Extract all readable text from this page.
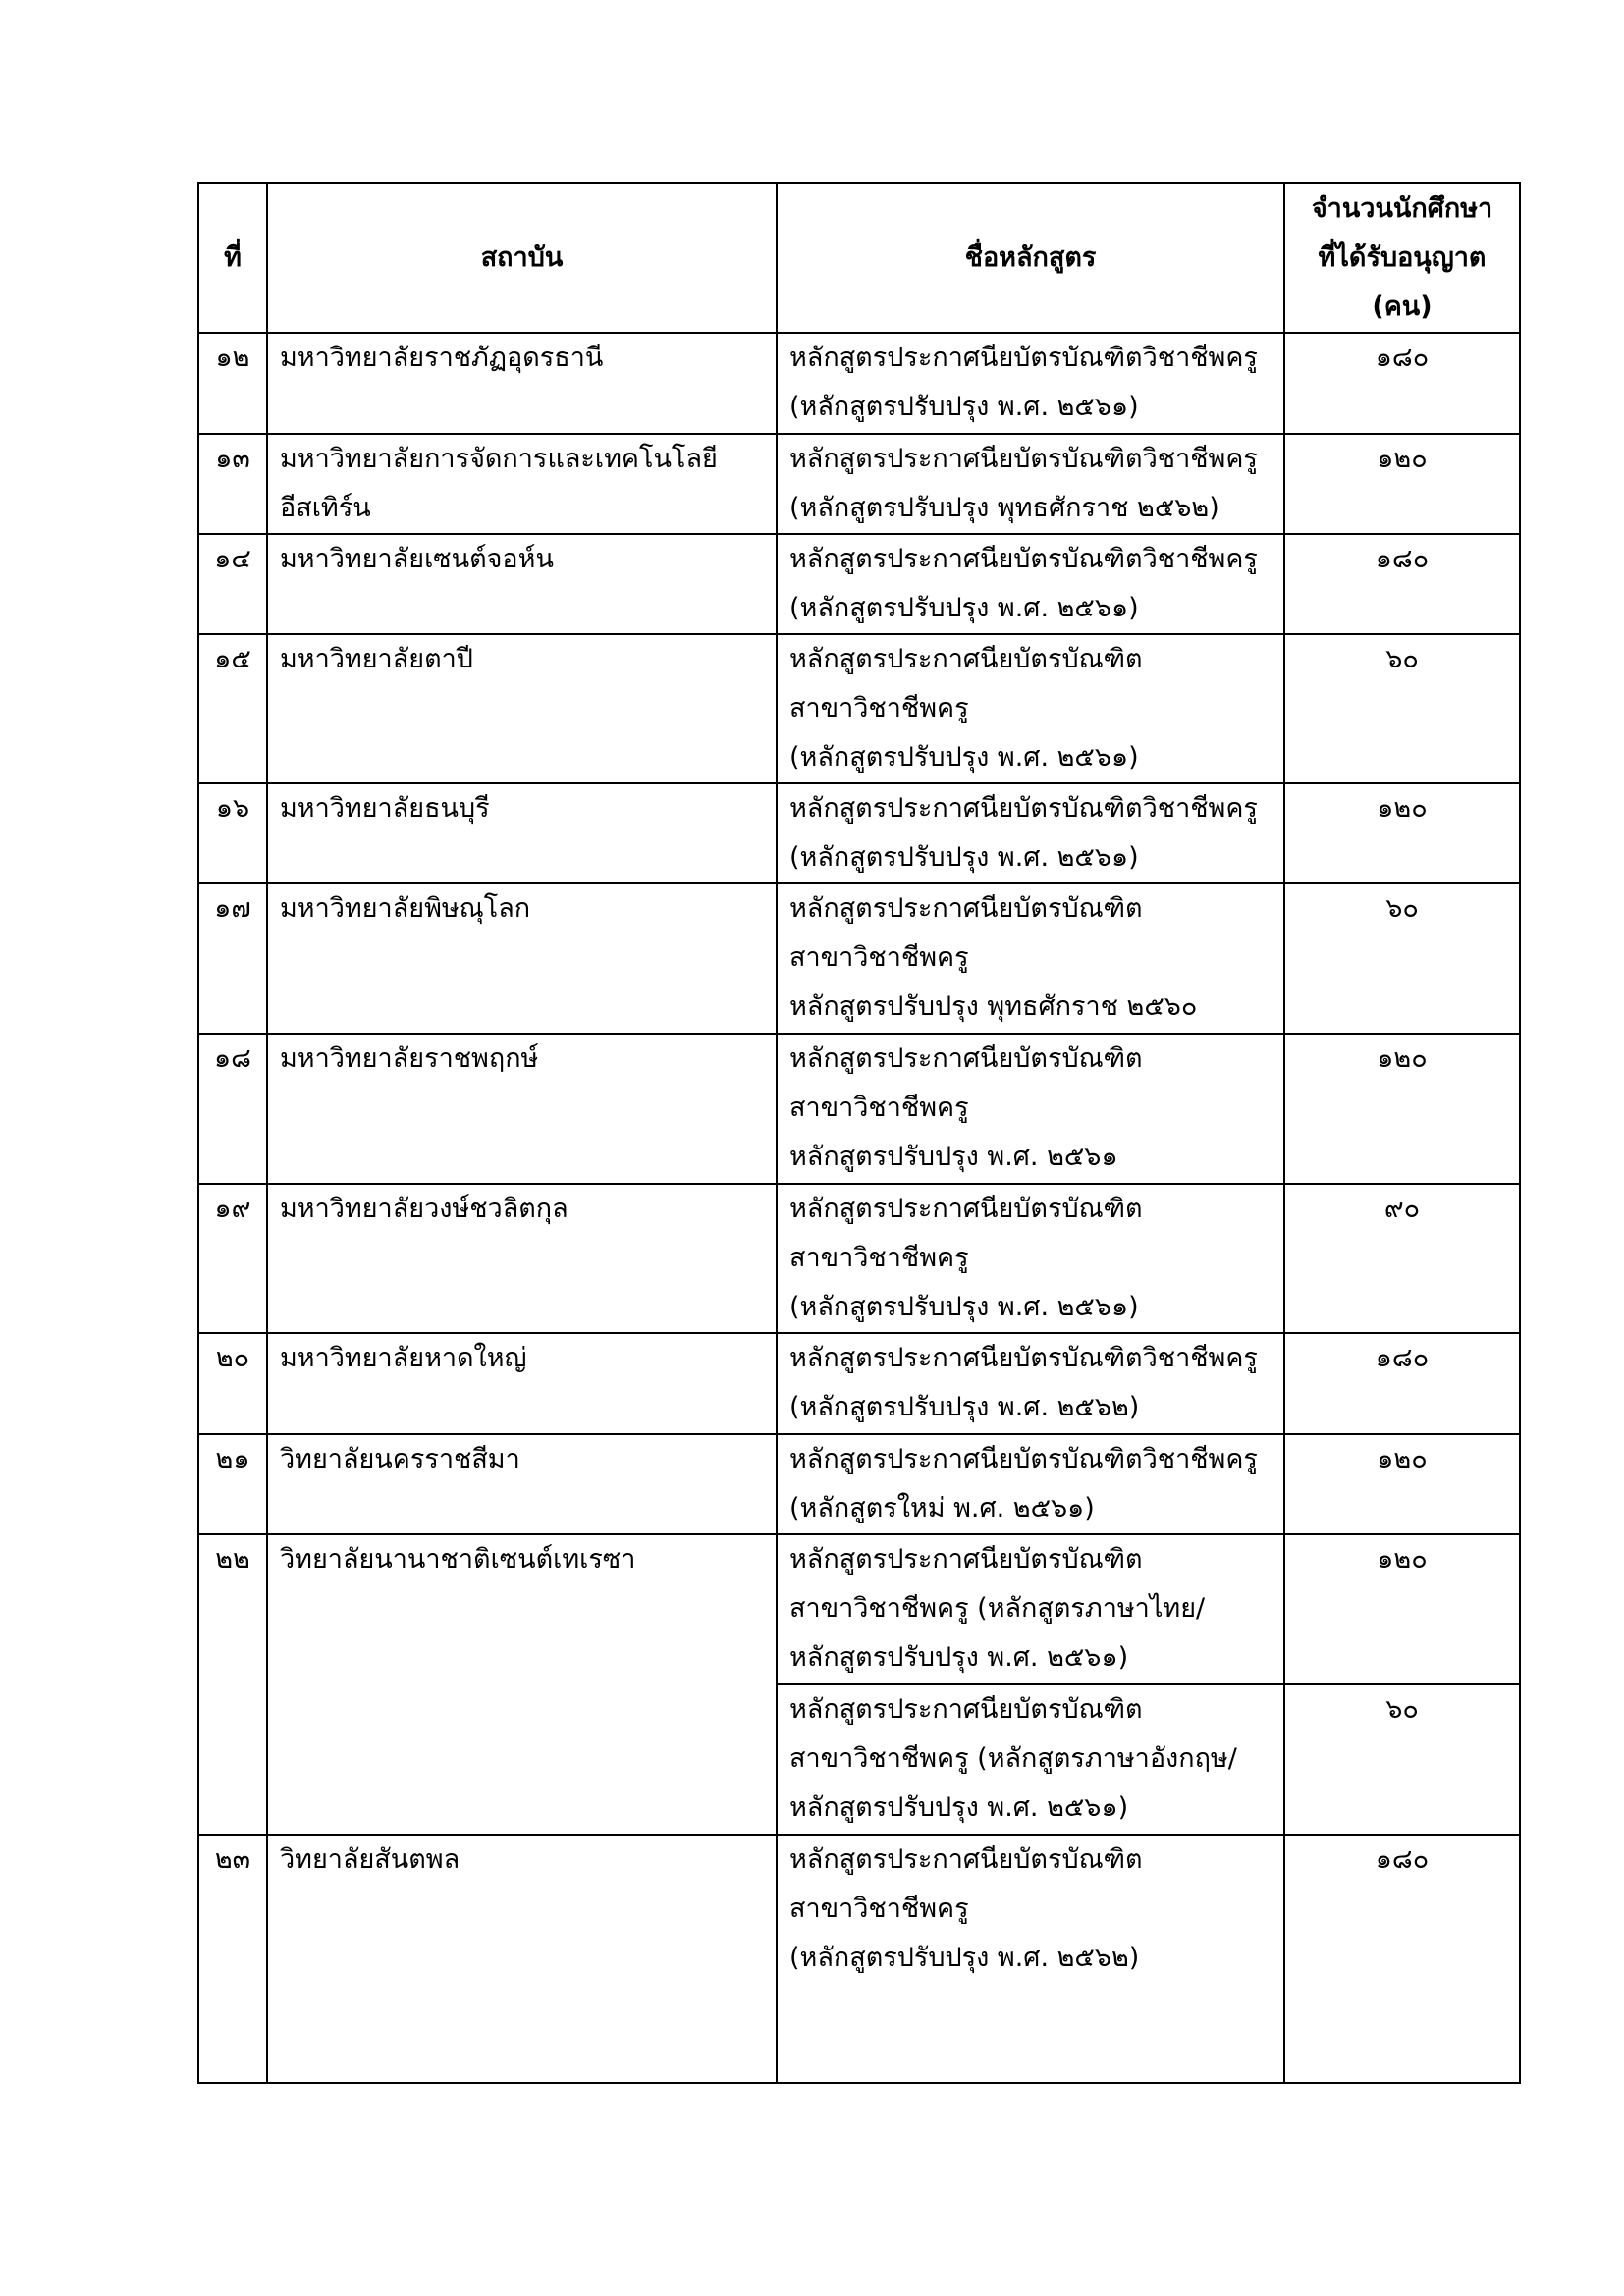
ที่	สถาบัน	ชื่อหลักสูตร	จำนวนนักศึกษา
ที่ได้รับอนุญาต
(คน)

๑๒	มหาวิทยาลัยราชภัฏอุดรธานี	หลักสูตรประกาศนียบัตรบัณฑิตวิชาชีพครู
(หลักสูตรปรับปรุง พ.ศ. ๒๕๖๑)	๑๘๐
๑๓	มหาวิทยาลัยการจัดการและเทคโนโลยี
อีสเทิร์น	หลักสูตรประกาศนียบัตรบัณฑิตวิชาชีพครู
(หลักสูตรปรับปรุง พุทธศักราช ๒๕๖๒)	๑๒๐
๑๔	มหาวิทยาลัยเซนต์จอห์น	หลักสูตรประกาศนียบัตรบัณฑิตวิชาชีพครู
(หลักสูตรปรับปรุง พ.ศ. ๒๕๖๑)	๑๘๐
๑๕	มหาวิทยาลัยตาปี	หลักสูตรประกาศนียบัตรบัณฑิต
สาขาวิชาชีพครู
(หลักสูตรปรับปรุง พ.ศ. ๒๕๖๑)	๖๐
๑๖	มหาวิทยาลัยธนบุรี	หลักสูตรประกาศนียบัตรบัณฑิตวิชาชีพครู
(หลักสูตรปรับปรุง พ.ศ. ๒๕๖๑)	๑๒๐
๑๗	มหาวิทยาลัยพิษณุโลก	หลักสูตรประกาศนียบัตรบัณฑิต
สาขาวิชาชีพครู
หลักสูตรปรับปรุง พุทธศักราช ๒๕๖๐	๖๐
๑๘	มหาวิทยาลัยราชพฤกษ์	หลักสูตรประกาศนียบัตรบัณฑิต
สาขาวิชาชีพครู
หลักสูตรปรับปรุง พ.ศ. ๒๕๖๑	๑๒๐
๑๙	มหาวิทยาลัยวงษ์ชวลิตกุล	หลักสูตรประกาศนียบัตรบัณฑิต
สาขาวิชาชีพครู
(หลักสูตรปรับปรุง พ.ศ. ๒๕๖๑)	๙๐
๒๐	มหาวิทยาลัยหาดใหญ่	หลักสูตรประกาศนียบัตรบัณฑิตวิชาชีพครู
(หลักสูตรปรับปรุง พ.ศ. ๒๕๖๒)	๑๘๐
๒๑	วิทยาลัยนครราชสีมา	หลักสูตรประกาศนียบัตรบัณฑิตวิชาชีพครู
(หลักสูตรใหม่ พ.ศ. ๒๕๖๑)	๑๒๐
๒๒	วิทยาลัยนานาชาติเซนต์เทเรซา	หลักสูตรประกาศนียบัตรบัณฑิต
สาขาวิชาชีพครู (หลักสูตรภาษาไทย/
หลักสูตรปรับปรุง พ.ศ. ๒๕๖๑)	๑๒๐

		หลักสูตรประกาศนียบัตรบัณฑิต
สาขาวิชาชีพครู (หลักสูตรภาษาอังกฤษ/
หลักสูตรปรับปรุง พ.ศ. ๒๕๖๑)	๖๐
๒๓	วิทยาลัยสันตพล	หลักสูตรประกาศนียบัตรบัณฑิต
สาขาวิชาชีพครู
(หลักสูตรปรับปรุง พ.ศ. ๒๕๖๒)	๑๘๐
